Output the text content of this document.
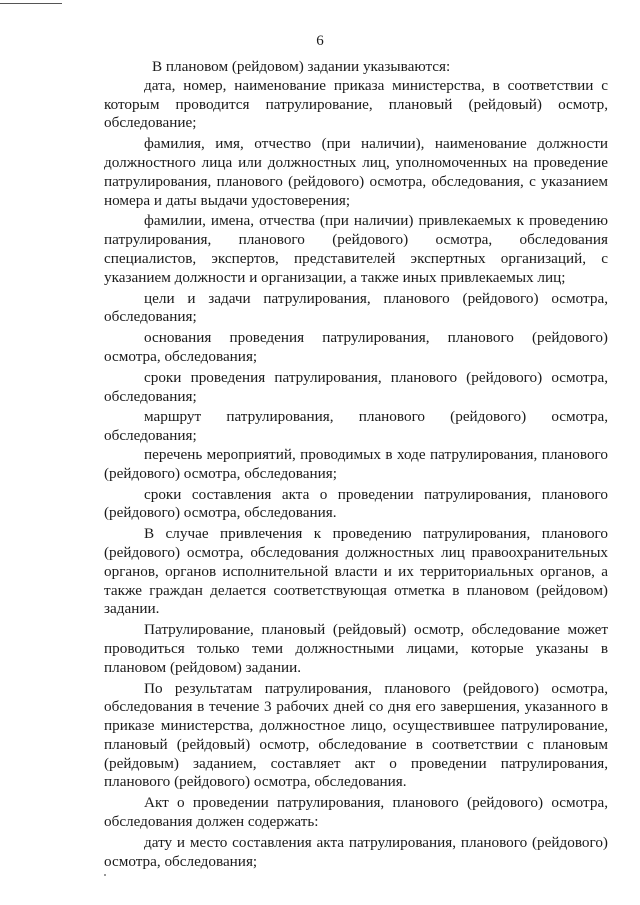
6

В плановом (рейдовом) задании указываются:

дата, номер, наименование приказа министерства, в соответствии с которым проводится патрулирование, плановый (рейдовый) осмотр, обследование;

фамилия, имя, отчество (при наличии), наименование должности должностного лица или должностных лиц, уполномоченных на проведение патрулирования, планового (рейдового) осмотра, обследования, с указанием номера и даты выдачи удостоверения;

фамилии, имена, отчества (при наличии) привлекаемых к проведению патрулирования, планового (рейдового) осмотра, обследования специалистов, экспертов, представителей экспертных организаций, с указанием должности и организации, а также иных привлекаемых лиц;

цели и задачи патрулирования, планового (рейдового) осмотра, обследования;

основания проведения патрулирования, планового (рейдового) осмотра, обследования;

сроки проведения патрулирования, планового (рейдового) осмотра, обследования;

маршрут патрулирования, планового (рейдового) осмотра, обследования;

перечень мероприятий, проводимых в ходе патрулирования, планового (рейдового) осмотра, обследования;

сроки составления акта о проведении патрулирования, планового (рейдового) осмотра, обследования.

В случае привлечения к проведению патрулирования, планового (рейдового) осмотра, обследования должностных лиц правоохранительных органов, органов исполнительной власти и их территориальных органов, а также граждан делается соответствующая отметка в плановом (рейдовом) задании.

Патрулирование, плановый (рейдовый) осмотр, обследование может проводиться только теми должностными лицами, которые указаны в плановом (рейдовом) задании.

По результатам патрулирования, планового (рейдового) осмотра, обследования в течение 3 рабочих дней со дня его завершения, указанного в приказе министерства, должностное лицо, осуществившее патрулирование, плановый (рейдовый) осмотр, обследование в соответствии с плановым (рейдовым) заданием, составляет акт о проведении патрулирования, планового (рейдового) осмотра, обследования.

Акт о проведении патрулирования, планового (рейдового) осмотра, обследования должен содержать:

дату и место составления акта патрулирования, планового (рейдового) осмотра, обследования;
